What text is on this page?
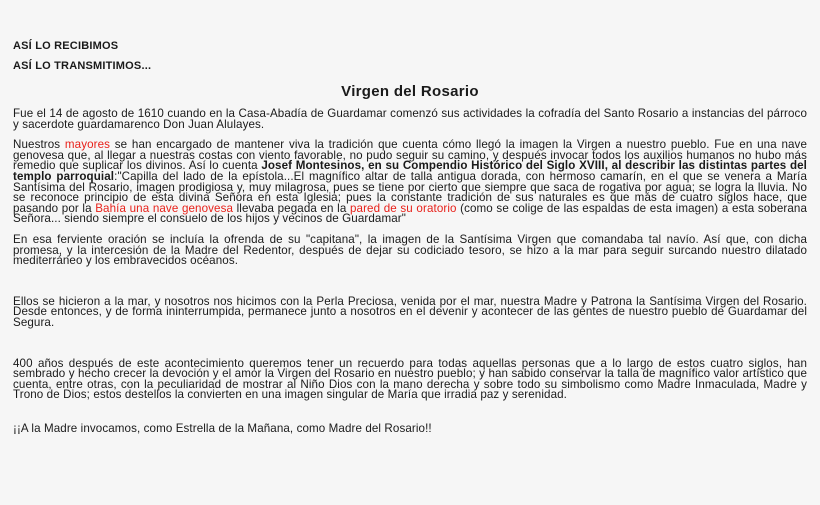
ASÍ LO RECIBIMOS
ASÍ LO TRANSMITIMOS...
Virgen del Rosario

Fue el 14 de agosto de 1610 cuando en la Casa-Abadía de Guardamar comenzó sus actividades la cofradía del Santo Rosario a instancias del párroco y sacerdote guardamarenco Don Juan Alulayes.

Nuestros mayores se han encargado de mantener viva la tradición que cuenta cómo llegó la imagen la Virgen a nuestro pueblo. Fue en una nave genovesa que, al llegar a nuestras costas con viento favorable, no pudo seguir su camino, y después invocar todos los auxilios humanos no hubo más remedio que suplicar los divinos. Así lo cuenta Josef Montesinos, en su Compendio Histórico del Siglo XVIII, al describir las distintas partes del templo parroquial:"Capilla del lado de la epístola...El magnífico altar de talla antigua dorada, con hermoso camarín, en el que se venera a María Santísima del Rosario, imagen prodigiosa y, muy milagrosa, pues se tiene por cierto que siempre que saca de rogativa por agua; se logra la lluvia. No se reconoce principio de esta divina Señora en esta Iglesia; pues la constante tradición de sus naturales es que más de cuatro siglos hace, que pasando por la Bahía una nave genovesa llevaba pegada en la pared de su oratorio (como se colige de las espaldas de esta imagen) a esta soberana Señora... siendo siempre el consuelo de los hijos y vecinos de Guardamar"

En esa ferviente oración se incluía la ofrenda de su "capitana", la imagen de la Santísima Virgen que comandaba tal navío. Así que, con dicha promesa, y la intercesión de la Madre del Redentor, después de dejar su codiciado tesoro, se hizo a la mar para seguir surcando nuestro dilatado mediterráneo y los embravecidos océanos.

Ellos se hicieron a la mar, y nosotros nos hicimos con la Perla Preciosa, venida por el mar, nuestra Madre y Patrona la Santísima Virgen del Rosario. Desde entonces, y de forma ininterrumpida, permanece junto a nosotros en el devenir y acontecer de las gentes de nuestro pueblo de Guardamar del Segura.

400 años después de este acontecimiento queremos tener un recuerdo para todas aquellas personas que a lo largo de estos cuatro siglos, han sembrado y hecho crecer la devoción y el amor la Virgen del Rosario en nuestro pueblo; y han sabido conservar la talla de magnífico valor artístico que cuenta, entre otras, con la peculiaridad de mostrar al Niño Dios con la mano derecha y sobre todo su simbolismo como Madre Inmaculada, Madre y Trono de Dios; estos destellos la convierten en una imagen singular de María que irradia paz y serenidad.

¡¡A la Madre invocamos, como Estrella de la Mañana, como Madre del Rosario!!
